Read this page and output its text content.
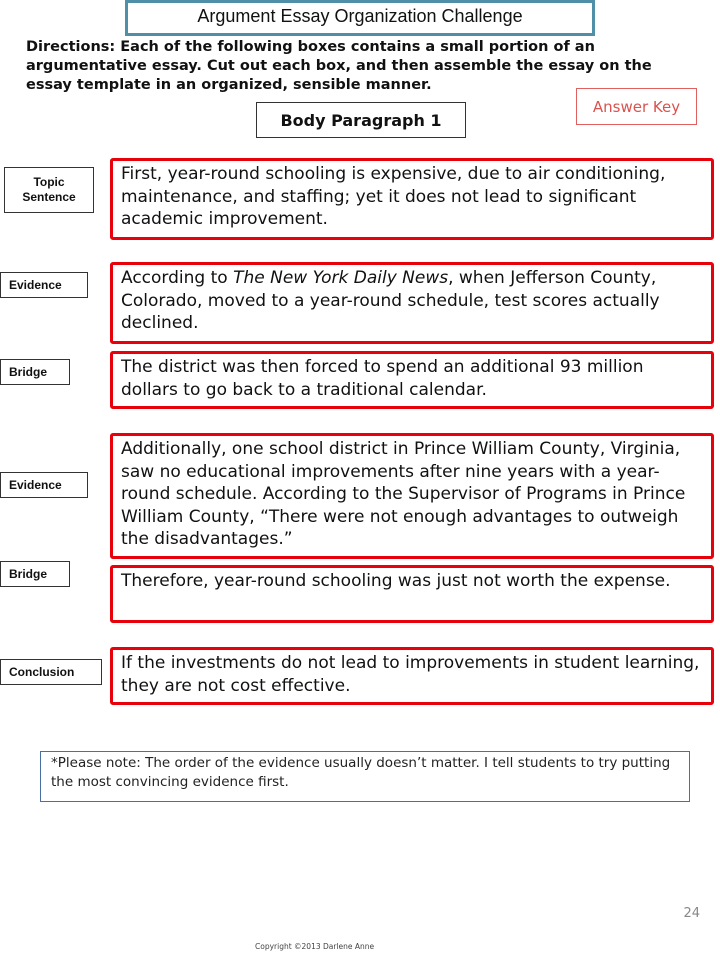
Argument Essay Organization Challenge
Directions: Each of the following boxes contains a small portion of an argumentative essay. Cut out each box, and then assemble the essay on the essay template in an organized, sensible manner.
Answer Key
Body Paragraph 1
Topic Sentence
Evidence
Bridge
Evidence
Bridge
Conclusion
First, year-round schooling is expensive, due to air conditioning, maintenance, and staffing; yet it does not lead to significant academic improvement.
According to The New York Daily News, when Jefferson County, Colorado, moved to a year-round schedule, test scores actually declined.
The district was then forced to spend an additional 93 million dollars to go back to a traditional calendar.
Additionally, one school district in Prince William County, Virginia, saw no educational improvements after nine years with a year-round schedule. According to the Supervisor of Programs in Prince William County, “There were not enough advantages to outweigh the disadvantages.”
Therefore, year-round schooling was just not worth the expense.
If the investments do not lead to improvements in student learning, they are not cost effective.
*Please note: The order of the evidence usually doesn’t matter. I tell students to try putting the most convincing evidence first.
24
Copyright ©2013 Darlene Anne
